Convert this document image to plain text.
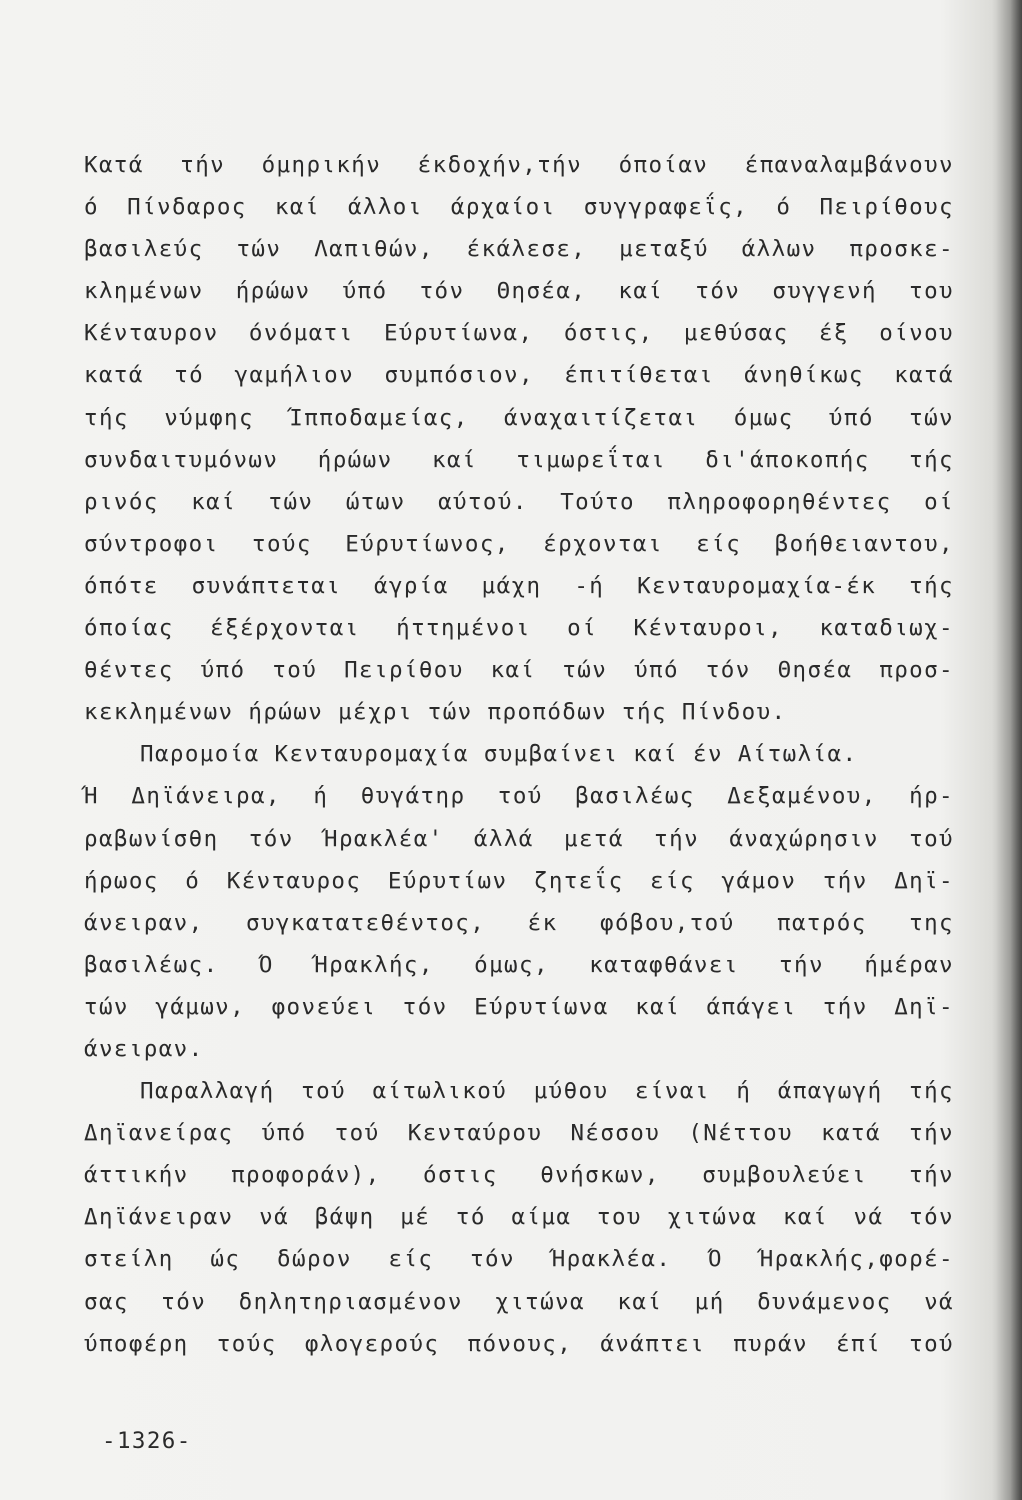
Κατά τήν όμηρικήν έκδοχήν,τήν όποίαν έπαναλαμβάνουν
ό Πίνδαρος καί άλλοι άρχαίοι συγγραφεΐς, ό Πειρίθους
βασιλεύς τών Λαπιθών, έκάλεσε, μεταξύ άλλων προσκε-
κλημένων ήρώων ύπό τόν Θησέα, καί τόν συγγενή του
Κένταυρον όνόματι Εύρυτίωνα, όστις, μεθύσας έξ οίνου
κατά τό γαμήλιον συμπόσιον, έπιτίθεται άνηθίκως κατά
τής νύμφης Ίπποδαμείας, άναχαιτίζεται όμως ύπό τών
συνδαιτυμόνων ήρώων καί τιμωρεΐται δι'άποκοπής τής
ρινός καί τών ώτων αύτού. Τούτο πληροφορηθέντες οί
σύντροφοι τούς Εύρυτίωνος, έρχονται είς βοήθειαντου,
όπότε συνάπτεται άγρία μάχη -ή Κενταυρομαχία-έκ τής
όποίας έξέρχονται ήττημένοι οί Κένταυροι, καταδιωχ-
θέντες ύπό τού Πειρίθου καί τών ύπό τόν Θησέα προσ-
κεκλημένων ήρώων μέχρι τών προπόδων τής Πίνδου.
Παρομοία Κενταυρομαχία συμβαίνει καί έν Αίτωλία.
Ή Δηϊάνειρα, ή θυγάτηρ τού βασιλέως Δεξαμένου, ήρ-
ραβωνίσθη τόν Ήρακλέα' άλλά μετά τήν άναχώρησιν τού
ήρωος ό Κένταυρος Εύρυτίων ζητεΐς είς γάμον τήν Δηϊ-
άνειραν, συγκατατεθέντος, έκ φόβου,τού πατρός της
βασιλέως. Ό Ήρακλής, όμως, καταφθάνει τήν ήμέραν
τών γάμων, φονεύει τόν Εύρυτίωνα καί άπάγει τήν Δηϊ-
άνειραν.
Παραλλαγή τού αίτωλικού μύθου είναι ή άπαγωγή τής
Δηϊανείρας ύπό τού Κενταύρου Νέσσου (Νέττου κατά τήν
άττικήν προφοράν), όστις θνήσκων, συμβουλεύει τήν
Δηϊάνειραν νά βάψη μέ τό αίμα του χιτώνα καί νά τόν
στείλη ώς δώρον είς τόν Ήρακλέα. Ό Ήρακλής,φορέ-
σας τόν δηλητηριασμένον χιτώνα καί μή δυνάμενος νά
ύποφέρη τούς φλογερούς πόνους, άνάπτει πυράν έπί τού
-1326-
